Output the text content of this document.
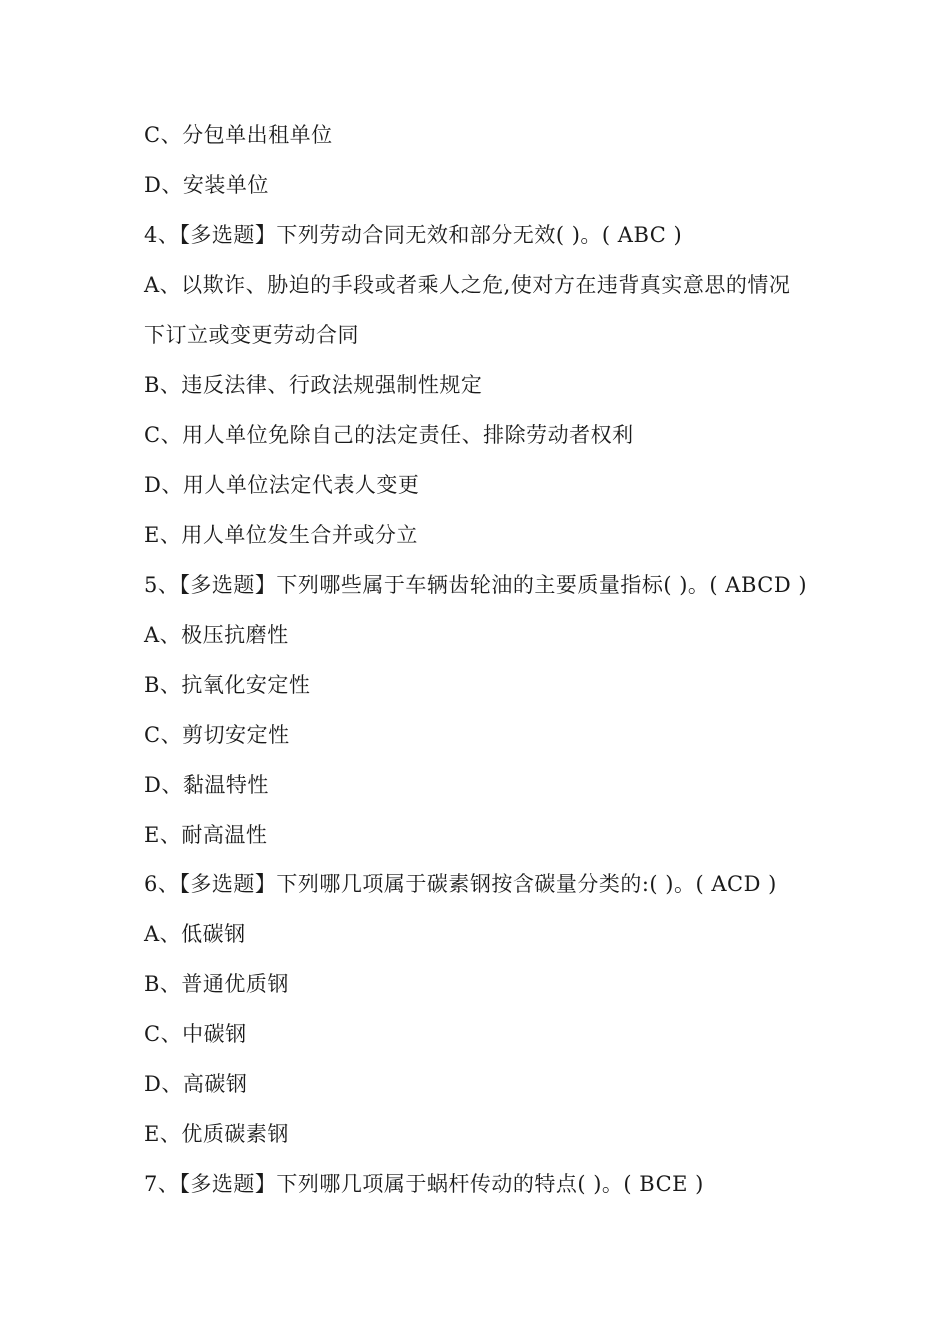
C、分包单出租单位
D、安装单位
4、【多选题】下列劳动合同无效和部分无效( )。( ABC )
A、以欺诈、胁迫的手段或者乘人之危,使对方在违背真实意思的情况
下订立或变更劳动合同
B、违反法律、行政法规强制性规定
C、用人单位免除自己的法定责任、排除劳动者权利
D、用人单位法定代表人变更
E、用人单位发生合并或分立
5、【多选题】下列哪些属于车辆齿轮油的主要质量指标( )。( ABCD )
A、极压抗磨性
B、抗氧化安定性
C、剪切安定性
D、黏温特性
E、耐高温性
6、【多选题】下列哪几项属于碳素钢按含碳量分类的:( )。( ACD )
A、低碳钢
B、普通优质钢
C、中碳钢
D、高碳钢
E、优质碳素钢
7、【多选题】下列哪几项属于蜗杆传动的特点( )。( BCE )
